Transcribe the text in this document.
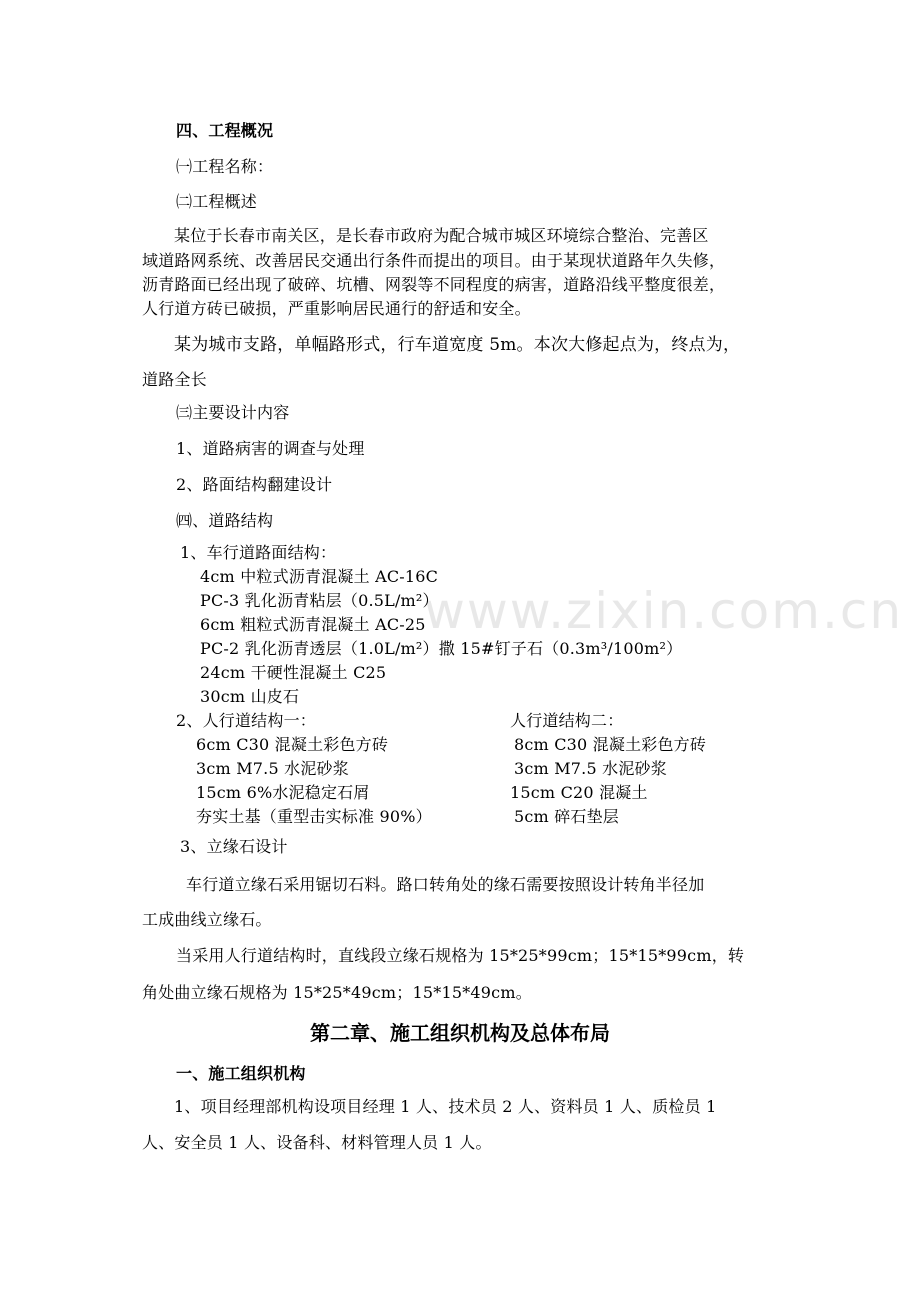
www.zixin.com.cn
四、工程概况
㈠工程名称：
㈡工程概述
某位于长春市南关区，是长春市政府为配合城市城区环境综合整治、完善区
域道路网系统、改善居民交通出行条件而提出的项目。由于某现状道路年久失修，
沥青路面已经出现了破碎、坑槽、网裂等不同程度的病害，道路沿线平整度很差，
人行道方砖已破损，严重影响居民通行的舒适和安全。
某为城市支路，单幅路形式，行车道宽度 5m。本次大修起点为，终点为，
道路全长
㈢主要设计内容
1、道路病害的调查与处理
2、路面结构翻建设计
㈣、道路结构
1、车行道路面结构：
4cm 中粒式沥青混凝土 AC-16C
PC-3 乳化沥青粘层（0.5L/m²）
6cm 粗粒式沥青混凝土 AC-25
PC-2 乳化沥青透层（1.0L/m²）撒 15#钉子石（0.3m³/100m²）
24cm 干硬性混凝土 C25
30cm 山皮石
2、人行道结构一：	人行道结构二：
6cm C30 混凝土彩色方砖
3cm M7.5 水泥砂浆
15cm 6%水泥稳定石屑
夯实土基（重型击实标准 90%）
8cm C30 混凝土彩色方砖
3cm M7.5 水泥砂浆
15cm C20 混凝土
5cm 碎石垫层
3、立缘石设计
车行道立缘石采用锯切石料。路口转角处的缘石需要按照设计转角半径加
工成曲线立缘石。
当采用人行道结构时，直线段立缘石规格为 15*25*99cm；15*15*99cm，转
角处曲立缘石规格为 15*25*49cm；15*15*49cm。
第二章、施工组织机构及总体布局
一、施工组织机构
1、项目经理部机构设项目经理 1 人、技术员 2 人、资料员 1 人、质检员 1
人、安全员 1 人、设备科、材料管理人员 1 人。
